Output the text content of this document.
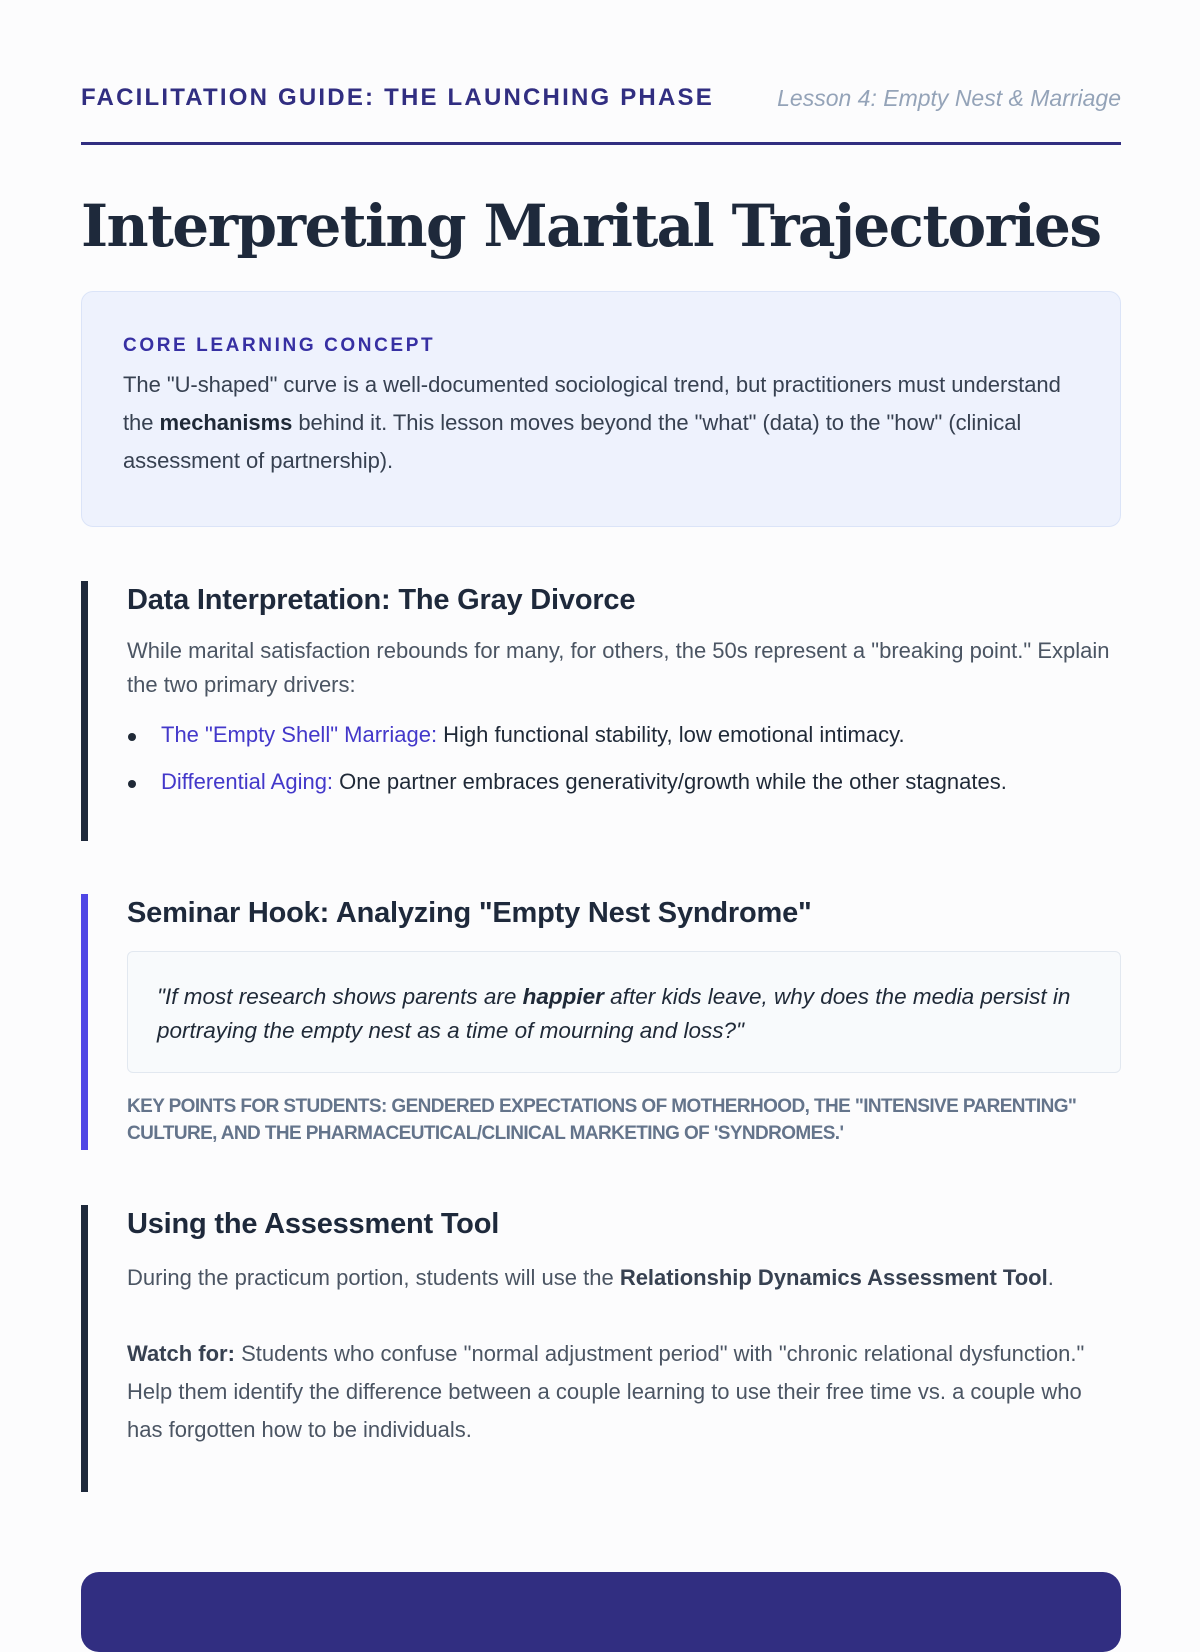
FACILITATION GUIDE: THE LAUNCHING PHASE	Lesson 4: Empty Nest & Marriage
Interpreting Marital Trajectories
CORE LEARNING CONCEPT
The "U-shaped" curve is a well-documented sociological trend, but practitioners must understand the mechanisms behind it. This lesson moves beyond the "what" (data) to the "how" (clinical assessment of partnership).
Data Interpretation: The Gray Divorce
While marital satisfaction rebounds for many, for others, the 50s represent a "breaking point." Explain the two primary drivers:
The "Empty Shell" Marriage: High functional stability, low emotional intimacy.
Differential Aging: One partner embraces generativity/growth while the other stagnates.
Seminar Hook: Analyzing "Empty Nest Syndrome"
"If most research shows parents are happier after kids leave, why does the media persist in portraying the empty nest as a time of mourning and loss?"
KEY POINTS FOR STUDENTS: GENDERED EXPECTATIONS OF MOTHERHOOD, THE "INTENSIVE PARENTING" CULTURE, AND THE PHARMACEUTICAL/CLINICAL MARKETING OF 'SYNDROMES.'
Using the Assessment Tool
During the practicum portion, students will use the Relationship Dynamics Assessment Tool.
Watch for: Students who confuse "normal adjustment period" with "chronic relational dysfunction." Help them identify the difference between a couple learning to use their free time vs. a couple who has forgotten how to be individuals.
